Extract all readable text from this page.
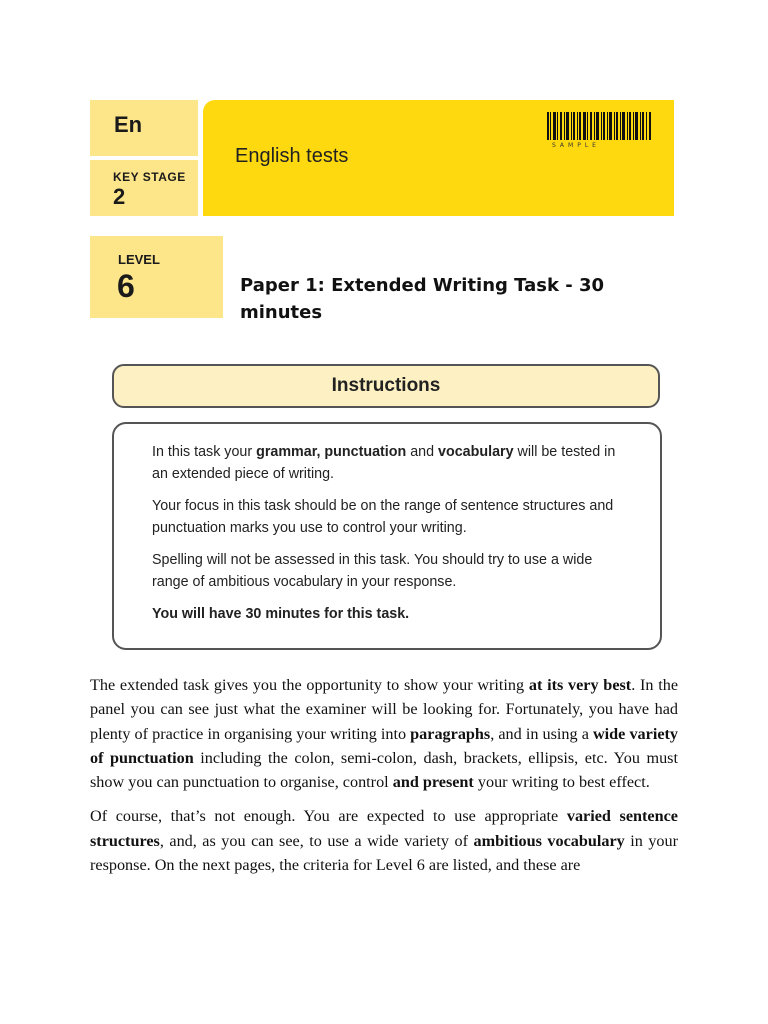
En
KEY STAGE
2
LEVEL
6
English tests	SAMPLE
Paper 1: Extended Writing Task - 30 minutes
Instructions

In this task your grammar, punctuation and vocabulary will be tested in an extended piece of writing.

Your focus in this task should be on the range of sentence structures and punctuation marks you use to control your writing.

Spelling will not be assessed in this task. You should try to use a wide range of ambitious vocabulary in your response.

You will have 30 minutes for this task.

The extended task gives you the opportunity to show your writing at its very best. In the panel you can see just what the examiner will be looking for. Fortunately, you have had plenty of practice in organising your writing into paragraphs, and in using a wide variety of punctuation including the colon, semi-colon, dash, brackets, ellipsis, etc. You must show you can punctuation to organise, control and present your writing to best effect.

Of course, that’s not enough. You are expected to use appropriate varied sentence structures, and, as you can see, to use a wide variety of ambitious vocabulary in your response. On the next pages, the criteria for Level 6 are listed, and these are
